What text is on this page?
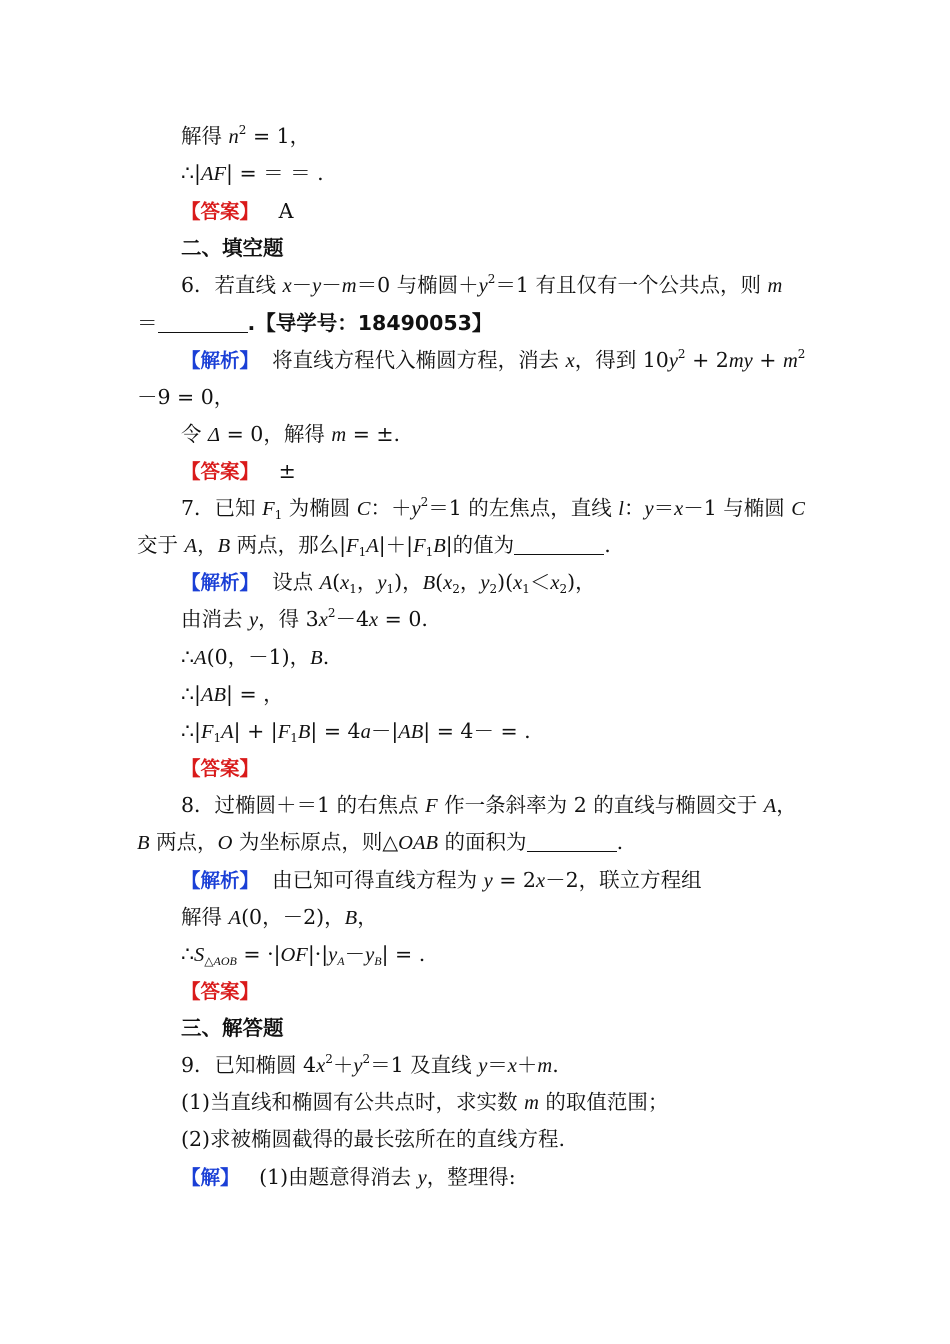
解得 $n^2 = 1$，
∴|AF| = ＝ ＝ .
【答案】 A
二、填空题
6．若直线 x－y－m＝0 与椭圆$+y^2=1$ 有且仅有一个公共点，则 m
＝	.【导学号：18490053】
【解析】  将直线方程代入椭圆方程，消去 x，得到 $10y^2 + 2my + m^2$
－9 = 0，
令 Δ = 0，解得 m = ±.
【答案】 ±
7．已知 $F_1$ 为椭圆 C：$+y^2=1$ 的左焦点，直线 l：y＝x－1 与椭圆 C
交于 A，B 两点，那么$|F_1A|+|F_1B|$的值为	.
【解析】  设点 $A(x_1$，$y_1$)，$B(x_2$，$y_2)(x_1<x_2)$，
由消去 y，得 $3x^2-4x = 0$.
∴A(0，－1)，B.
∴|AB| = ，
$\therefore|F_1A| + |F_1B| = 4a-|AB| = 4-$ = .
【答案】
8．过椭圆＋＝1 的右焦点 F 作一条斜率为 2 的直线与椭圆交于 A，
B 两点，O 为坐标原点，则△OAB 的面积为	.
【解析】  由已知可得直线方程为 y = 2x－2，联立方程组
解得 A(0，－2)，B，
$\therefore S_{\triangle AOB} = \cdot|OF|\cdot|y_A-y_B|$ = .
【答案】
三、解答题
9．已知椭圆 $4x^2+y^2=1$ 及直线 y＝x＋m.
(1)当直线和椭圆有公共点时，求实数 m 的取值范围；
(2)求被椭圆截得的最长弦所在的直线方程.
【解】   (1)由题意得消去 y，整理得:
